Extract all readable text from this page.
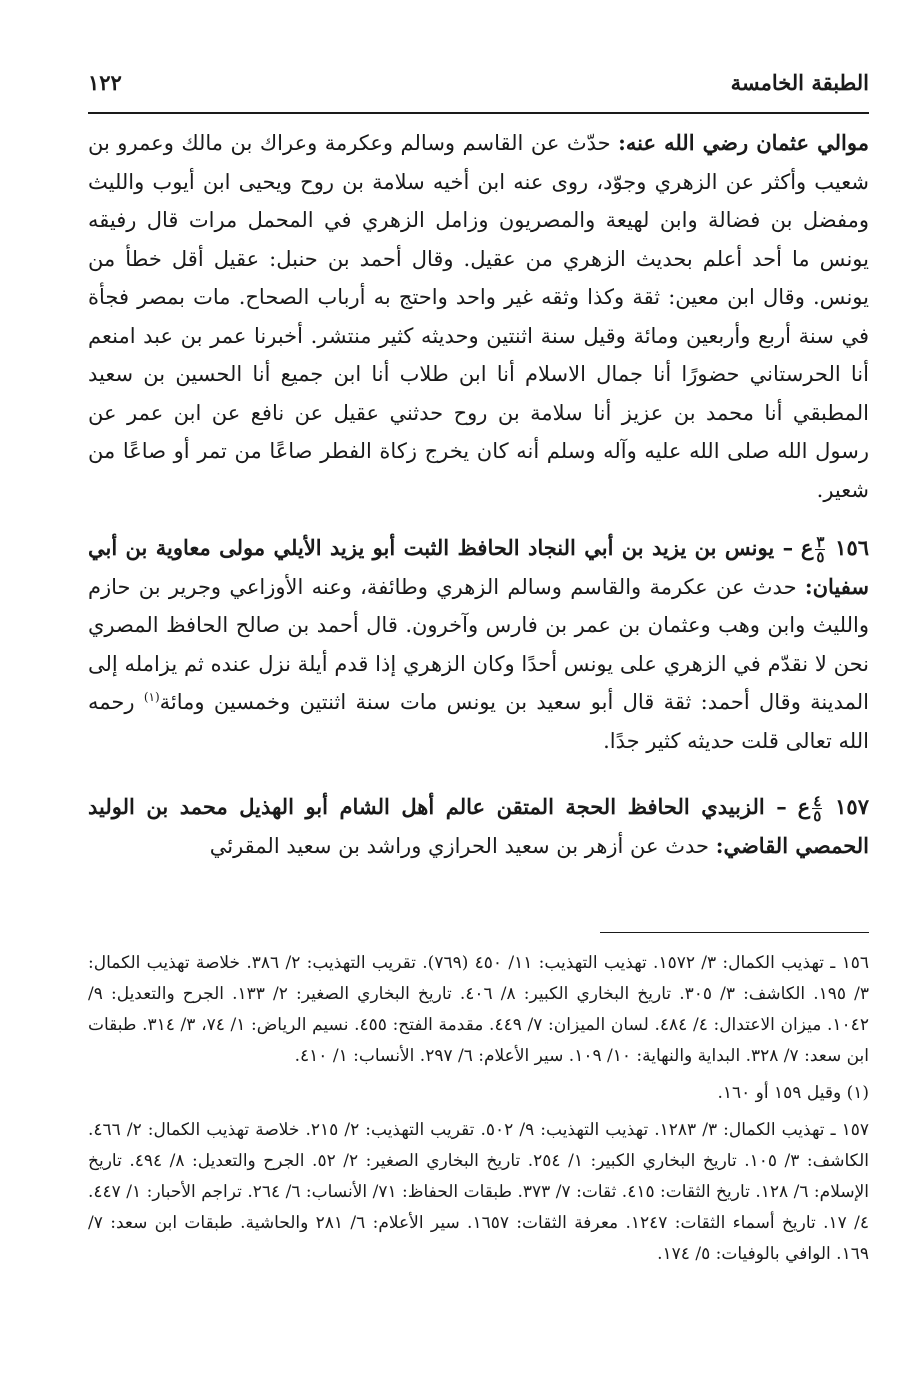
الطبقة الخامسة
١٢٢

موالي عثمان رضي الله عنه: حدّث عن القاسم وسالم وعكرمة وعراك بن مالك وعمرو بن شعيب وأكثر عن الزهري وجوّد، روى عنه ابن أخيه سلامة بن روح ويحيى ابن أيوب والليث ومفضل بن فضالة وابن لهيعة والمصريون وزامل الزهري في المحمل مرات قال رفيقه يونس ما أحد أعلم بحديث الزهري من عقيل. وقال أحمد بن حنبل: عقيل أقل خطأ من يونس. وقال ابن معين: ثقة وكذا وثقه غير واحد واحتج به أرباب الصحاح. مات بمصر فجأة في سنة أربع وأربعين ومائة وقيل سنة اثنتين وحديثه كثير منتشر. أخبرنا عمر بن عبد امنعم أنا الحرستاني حضورًا أنا جمال الاسلام أنا ابن طلاب أنا ابن جميع أنا الحسين بن سعيد المطبقي أنا محمد بن عزيز أنا سلامة بن روح حدثني عقيل عن نافع عن ابن عمر عن رسول الله صلى الله عليه وآله وسلم أنه كان يخرج زكاة الفطر صاعًا من تمر أو صاعًا من شعير.

١٥٦
$\frac{٣}{٥}$
ع – يونس بن يزيد بن أبي النجاد الحافظ الثبت أبو يزيد الأيلي مولى معاوية بن أبي سفيان: حدث عن عكرمة والقاسم وسالم الزهري وطائفة، وعنه الأوزاعي وجرير بن حازم والليث وابن وهب وعثمان بن عمر بن فارس وآخرون. قال أحمد بن صالح الحافظ المصري نحن لا نقدّم في الزهري على يونس أحدًا وكان الزهري إذا قدم أيلة نزل عنده ثم يزامله إلى المدينة وقال أحمد: ثقة قال أبو سعيد بن يونس مات سنة اثنتين وخمسين ومائة$^{(١)}$ رحمه الله تعالى قلت حديثه كثير جدًا.

١٥٧
$\frac{٤}{٥}$
ع – الزبيدي الحافظ الحجة المتقن عالم أهل الشام أبو الهذيل محمد بن الوليد الحمصي القاضي: حدث عن أزهر بن سعيد الحرازي وراشد بن سعيد المقرئي

١٥٦ ـ تهذيب الكمال: ٣/ ١٥٧٢. تهذيب التهذيب: ١١/ ٤٥٠ (٧٦٩). تقريب التهذيب: ٢/ ٣٨٦. خلاصة تهذيب الكمال: ٣/ ١٩٥. الكاشف: ٣/ ٣٠٥. تاريخ البخاري الكبير: ٨/ ٤٠٦. تاريخ البخاري الصغير: ٢/ ١٣٣. الجرح والتعديل: ٩/ ١٠٤٢. ميزان الاعتدال: ٤/ ٤٨٤. لسان الميزان: ٧/ ٤٤٩. مقدمة الفتح: ٤٥٥. نسيم الرياض: ١/ ٧٤، ٣/ ٣١٤. طبقات ابن سعد: ٧/ ٣٢٨. البداية والنهاية: ١٠/ ١٠٩. سير الأعلام: ٦/ ٢٩٧. الأنساب: ١/ ٤١٠.

(١) وقيل ١٥٩ أو ١٦٠.

١٥٧ ـ تهذيب الكمال: ٣/ ١٢٨٣. تهذيب التهذيب: ٩/ ٥٠٢. تقريب التهذيب: ٢/ ٢١٥. خلاصة تهذيب الكمال: ٢/ ٤٦٦. الكاشف: ٣/ ١٠٥. تاريخ البخاري الكبير: ١/ ٢٥٤. تاريخ البخاري الصغير: ٢/ ٥٢. الجرح والتعديل: ٨/ ٤٩٤. تاريخ الإسلام: ٦/ ١٢٨. تاريخ الثقات: ٤١٥. ثقات: ٧/ ٣٧٣. طبقات الحفاظ: ٧١/ الأنساب: ٦/ ٢٦٤. تراجم الأحبار: ١/ ٤٤٧. ٤/ ١٧. تاريخ أسماء الثقات: ١٢٤٧. معرفة الثقات: ١٦٥٧. سير الأعلام: ٦/ ٢٨١ والحاشية. طبقات ابن سعد: ٧/ ١٦٩. الوافي بالوفيات: ٥/ ١٧٤.
